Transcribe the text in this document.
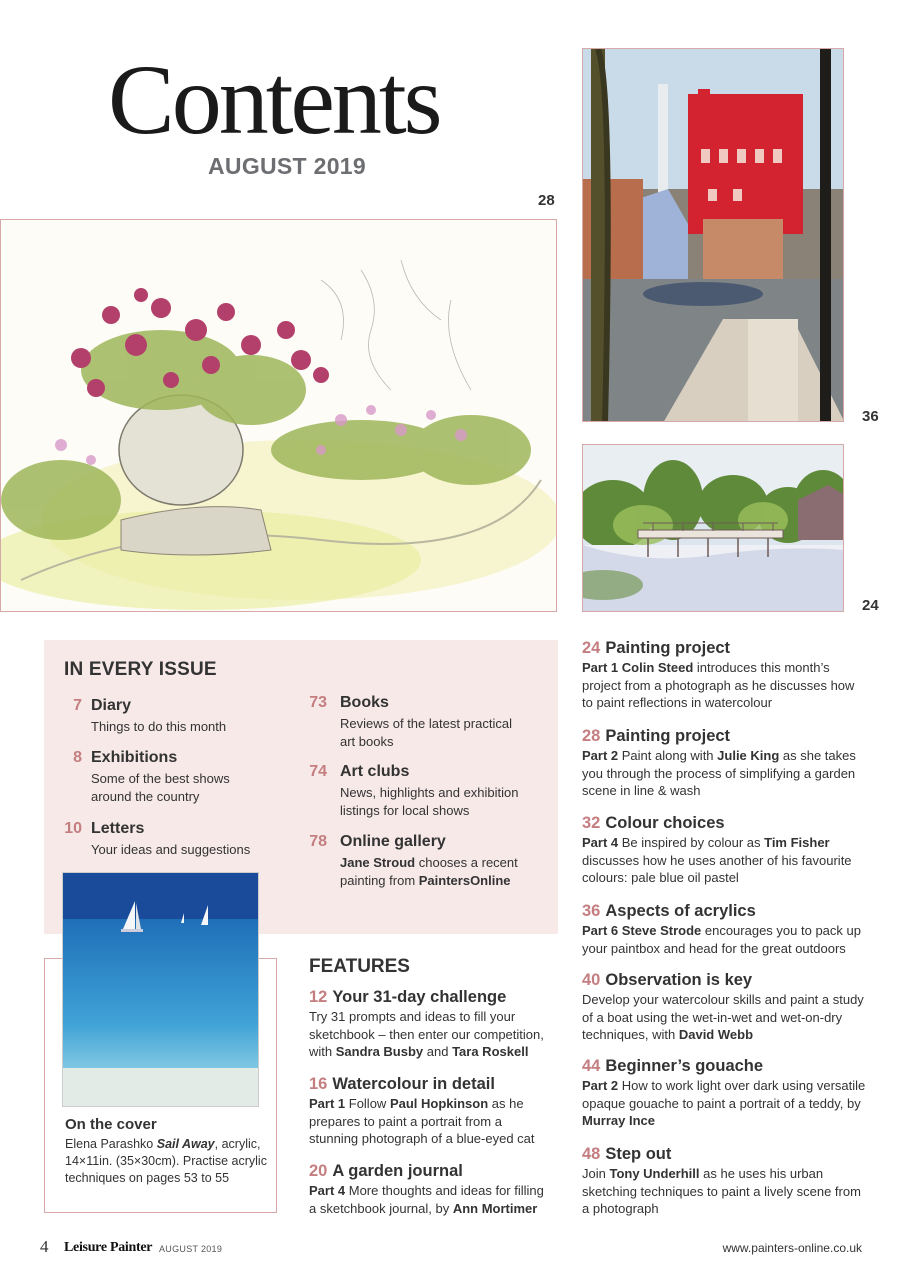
Contents
AUGUST 2019
28
36
24
IN EVERY ISSUE
7 Diary
Things to do this month
8 Exhibitions
Some of the best shows around the country
10 Letters
Your ideas and suggestions
73 Books
Reviews of the latest practical art books
74 Art clubs
News, highlights and exhibition listings for local shows
78 Online gallery
Jane Stroud chooses a recent painting from PaintersOnline
On the cover
Elena Parashko Sail Away, acrylic, 14×11in. (35×30cm). Practise acrylic techniques on pages 53 to 55
FEATURES
12 Your 31-day challenge
Try 31 prompts and ideas to fill your sketchbook – then enter our competition, with Sandra Busby and Tara Roskell
16 Watercolour in detail
Part 1 Follow Paul Hopkinson as he prepares to paint a portrait from a stunning photograph of a blue-eyed cat
20 A garden journal
Part 4 More thoughts and ideas for filling a sketchbook journal, by Ann Mortimer
24 Painting project
Part 1 Colin Steed introduces this month’s project from a photograph as he discusses how to paint reflections in watercolour
28 Painting project
Part 2 Paint along with Julie King as she takes you through the process of simplifying a garden scene in line & wash
32 Colour choices
Part 4 Be inspired by colour as Tim Fisher discusses how he uses another of his favourite colours: pale blue oil pastel
36 Aspects of acrylics
Part 6 Steve Strode encourages you to pack up your paintbox and head for the great outdoors
40 Observation is key
Develop your watercolour skills and paint a study of a boat using the wet-in-wet and wet-on-dry techniques, with David Webb
44 Beginner’s gouache
Part 2 How to work light over dark using versatile opaque gouache to paint a portrait of a teddy, by Murray Ince
48 Step out
Join Tony Underhill as he uses his urban sketching techniques to paint a lively scene from a photograph
4 Leisure Painter AUGUST 2019	www.painters-online.co.uk
